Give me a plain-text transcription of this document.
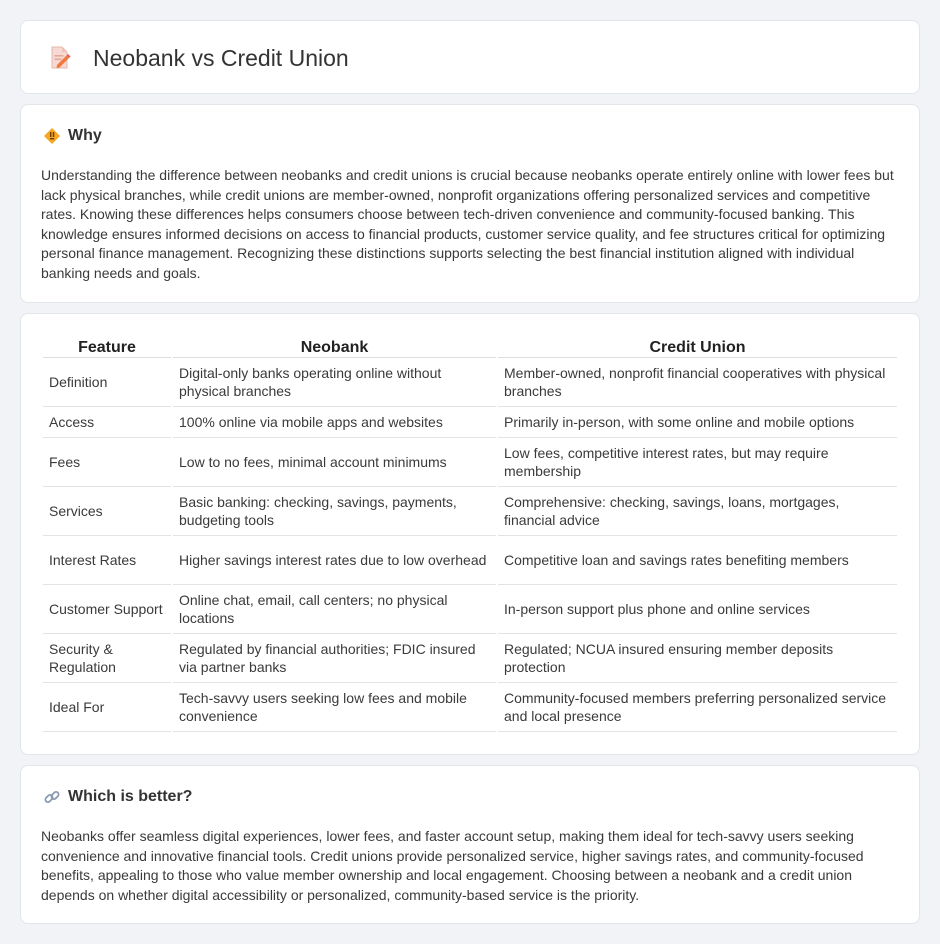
Neobank vs Credit Union
Why

Understanding the difference between neobanks and credit unions is crucial because neobanks operate entirely online with lower fees but lack physical branches, while credit unions are member-owned, nonprofit organizations offering personalized services and competitive rates. Knowing these differences helps consumers choose between tech-driven convenience and community-focused banking. This knowledge ensures informed decisions on access to financial products, customer service quality, and fee structures critical for optimizing personal finance management. Recognizing these distinctions supports selecting the best financial institution aligned with individual banking needs and goals.

Feature	Neobank	Credit Union
Definition	Digital-only banks operating online without physical branches	Member-owned, nonprofit financial cooperatives with physical branches
Access	100% online via mobile apps and websites	Primarily in-person, with some online and mobile options
Fees	Low to no fees, minimal account minimums	Low fees, competitive interest rates, but may require membership
Services	Basic banking: checking, savings, payments, budgeting tools	Comprehensive: checking, savings, loans, mortgages, financial advice
Interest Rates	Higher savings interest rates due to low overhead	Competitive loan and savings rates benefiting members
Customer Support	Online chat, email, call centers; no physical locations	In-person support plus phone and online services
Security & Regulation	Regulated by financial authorities; FDIC insured via partner banks	Regulated; NCUA insured ensuring member deposits protection
Ideal For	Tech-savvy users seeking low fees and mobile convenience	Community-focused members preferring personalized service and local presence
Which is better?

Neobanks offer seamless digital experiences, lower fees, and faster account setup, making them ideal for tech-savvy users seeking convenience and innovative financial tools. Credit unions provide personalized service, higher savings rates, and community-focused benefits, appealing to those who value member ownership and local engagement. Choosing between a neobank and a credit union depends on whether digital accessibility or personalized, community-based service is the priority.
